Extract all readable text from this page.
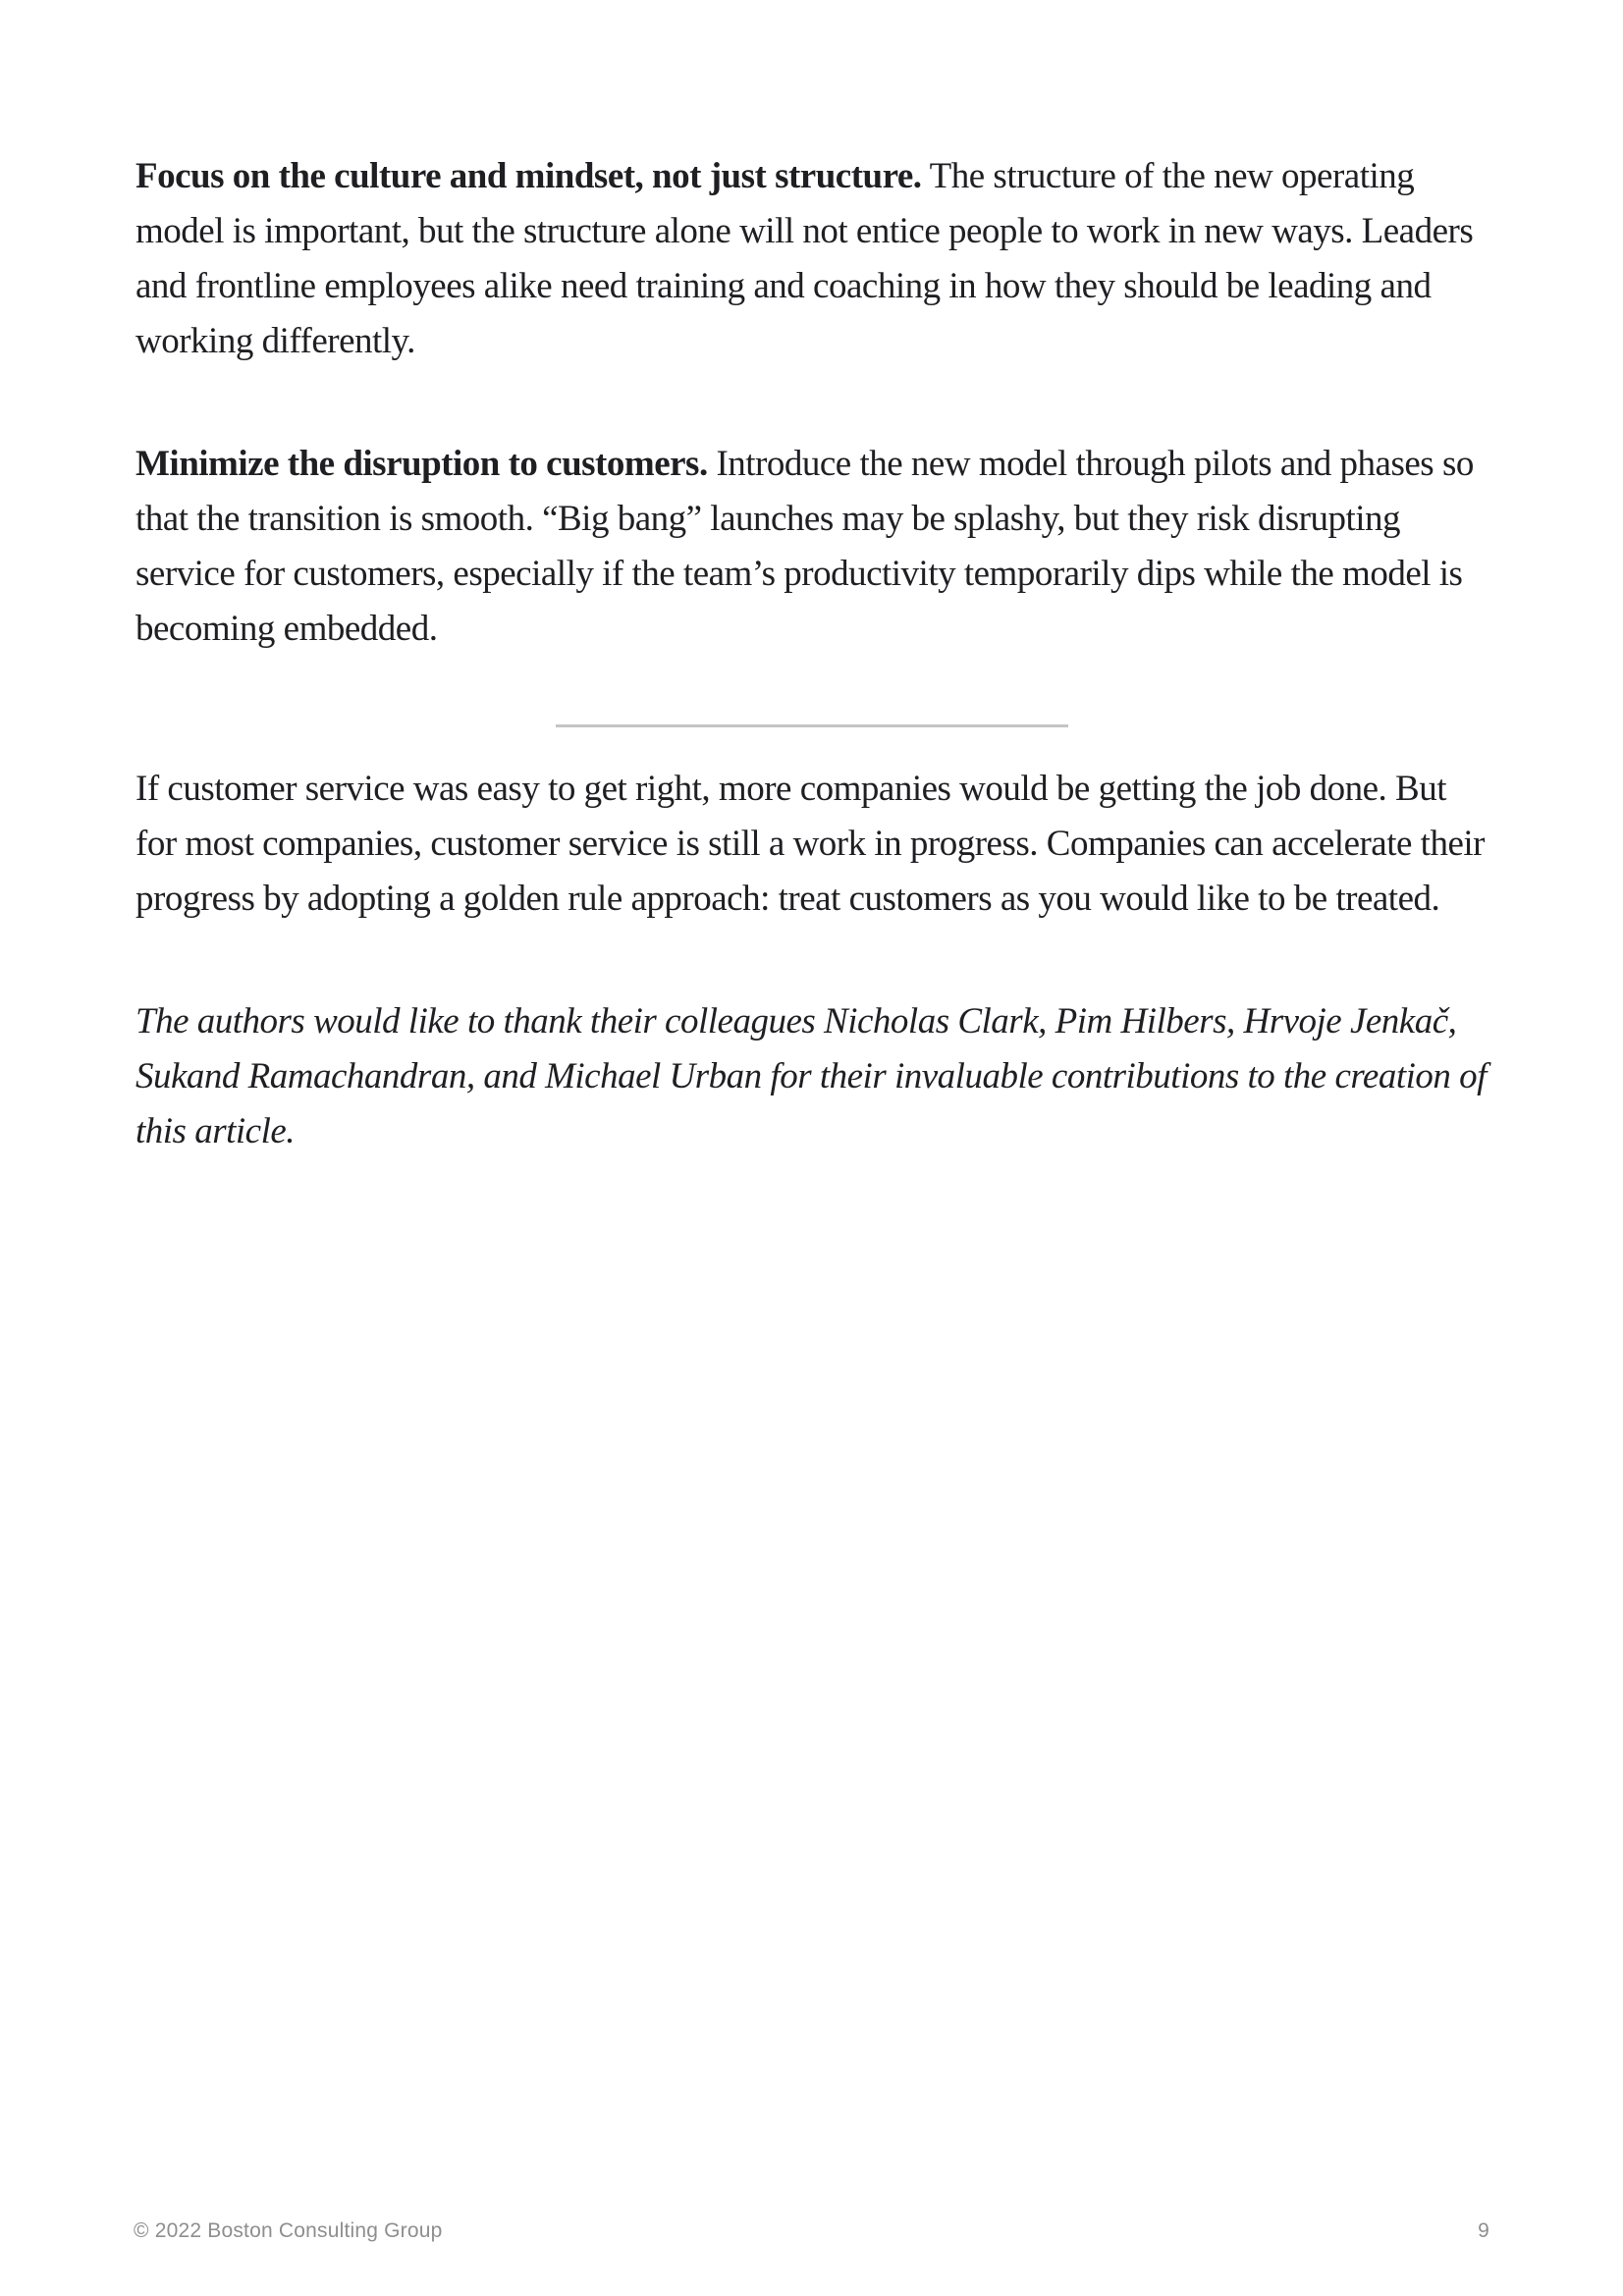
Focus on the culture and mindset, not just structure. The structure of the new operating model is important, but the structure alone will not entice people to work in new ways. Leaders and frontline employees alike need training and coaching in how they should be leading and working differently.

Minimize the disruption to customers. Introduce the new model through pilots and phases so that the transition is smooth. “Big bang” launches may be splashy, but they risk disrupting service for customers, especially if the team’s productivity temporarily dips while the model is becoming embedded.

If customer service was easy to get right, more companies would be getting the job done. But for most companies, customer service is still a work in progress. Companies can accelerate their progress by adopting a golden rule approach: treat customers as you would like to be treated.

The authors would like to thank their colleagues Nicholas Clark, Pim Hilbers, Hrvoje Jenkač, Sukand Ramachandran, and Michael Urban for their invaluable contributions to the creation of this article.

© 2022 Boston Consulting Group	9
